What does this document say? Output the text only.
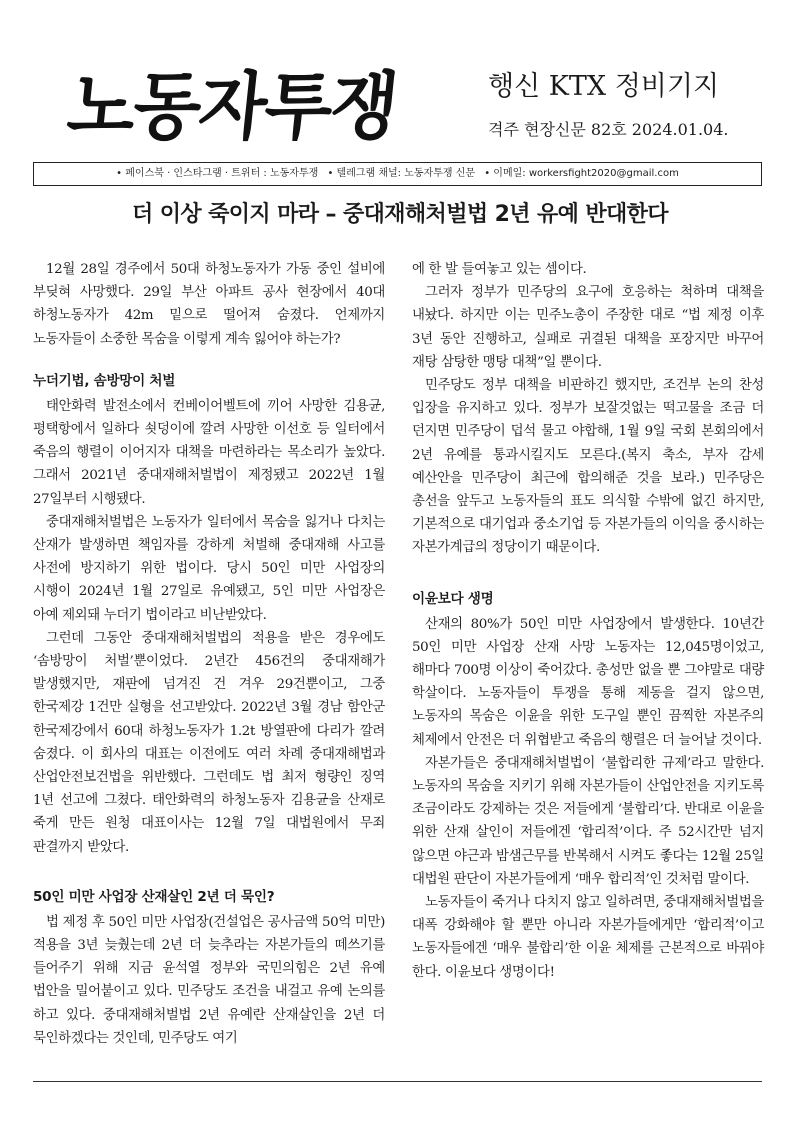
노동자투쟁	행신 KTX 정비기지
격주 현장신문 82호 2024.01.04.
• 페이스북 · 인스타그램 · 트위터 : 노동자투쟁 • 텔레그램 채널: 노동자투쟁 신문 • 이메일: workersfight2020@gmail.com
더 이상 죽이지 마라 – 중대재해처벌법 2년 유예 반대한다

12월 28일 경주에서 50대 하청노동자가 가동 중인 설비에 부딪혀 사망했다. 29일 부산 아파트 공사 현장에서 40대 하청노동자가 42m 밑으로 떨어져 숨졌다. 언제까지 노동자들이 소중한 목숨을 이렇게 계속 잃어야 하는가?

누더기법, 솜방망이 처벌

태안화력 발전소에서 컨베이어벨트에 끼어 사망한 김용균, 평택항에서 일하다 쇳덩이에 깔려 사망한 이선호 등 일터에서 죽음의 행렬이 이어지자 대책을 마련하라는 목소리가 높았다. 그래서 2021년 중대재해처벌법이 제정됐고 2022년 1월 27일부터 시행됐다.

중대재해처벌법은 노동자가 일터에서 목숨을 잃거나 다치는 산재가 발생하면 책임자를 강하게 처벌해 중대재해 사고를 사전에 방지하기 위한 법이다. 당시 50인 미만 사업장의 시행이 2024년 1월 27일로 유예됐고, 5인 미만 사업장은 아예 제외돼 누더기 법이라고 비난받았다.

그런데 그동안 중대재해처벌법의 적용을 받은 경우에도 ‘솜방망이 처벌’뿐이었다. 2년간 456건의 중대재해가 발생했지만, 재판에 넘겨진 건 겨우 29건뿐이고, 그중 한국제강 1건만 실형을 선고받았다. 2022년 3월 경남 함안군 한국제강에서 60대 하청노동자가 1.2t 방열판에 다리가 깔려 숨졌다. 이 회사의 대표는 이전에도 여러 차례 중대재해법과 산업안전보건법을 위반했다. 그런데도 법 최저 형량인 징역 1년 선고에 그쳤다. 태안화력의 하청노동자 김용균을 산재로 죽게 만든 원청 대표이사는 12월 7일 대법원에서 무죄 판결까지 받았다.

50인 미만 사업장 산재살인 2년 더 묵인?

법 제정 후 50인 미만 사업장(건설업은 공사금액 50억 미만) 적용을 3년 늦췄는데 2년 더 늦추라는 자본가들의 떼쓰기를 들어주기 위해 지금 윤석열 정부와 국민의힘은 2년 유예 법안을 밀어붙이고 있다. 민주당도 조건을 내걸고 유예 논의를 하고 있다. 중대재해처벌법 2년 유예란 산재살인을 2년 더 묵인하겠다는 것인데, 민주당도 여기

에 한 발 들여놓고 있는 셈이다.

그러자 정부가 민주당의 요구에 호응하는 척하며 대책을 내놨다. 하지만 이는 민주노총이 주장한 대로 “법 제정 이후 3년 동안 진행하고, 실패로 귀결된 대책을 포장지만 바꾸어 재탕 삼탕한 맹탕 대책”일 뿐이다.

민주당도 정부 대책을 비판하긴 했지만, 조건부 논의 찬성 입장을 유지하고 있다. 정부가 보잘것없는 떡고물을 조금 더 던지면 민주당이 덥석 물고 야합해, 1월 9일 국회 본회의에서 2년 유예를 통과시킬지도 모른다.(복지 축소, 부자 감세 예산안을 민주당이 최근에 합의해준 것을 보라.) 민주당은 총선을 앞두고 노동자들의 표도 의식할 수밖에 없긴 하지만, 기본적으로 대기업과 중소기업 등 자본가들의 이익을 중시하는 자본가계급의 정당이기 때문이다.

이윤보다 생명

산재의 80%가 50인 미만 사업장에서 발생한다. 10년간 50인 미만 사업장 산재 사망 노동자는 12,045명이었고, 해마다 700명 이상이 죽어갔다. 총성만 없을 뿐 그야말로 대량 학살이다. 노동자들이 투쟁을 통해 제동을 걸지 않으면, 노동자의 목숨은 이윤을 위한 도구일 뿐인 끔찍한 자본주의 체제에서 안전은 더 위협받고 죽음의 행렬은 더 늘어날 것이다.

자본가들은 중대재해처벌법이 ‘불합리한 규제’라고 말한다. 노동자의 목숨을 지키기 위해 자본가들이 산업안전을 지키도록 조금이라도 강제하는 것은 저들에게 ‘불합리’다. 반대로 이윤을 위한 산재 살인이 저들에겐 ‘합리적’이다. 주 52시간만 넘지 않으면 야근과 밤샘근무를 반복해서 시켜도 좋다는 12월 25일 대법원 판단이 자본가들에게 ‘매우 합리적’인 것처럼 말이다.

노동자들이 죽거나 다치지 않고 일하려면, 중대재해처벌법을 대폭 강화해야 할 뿐만 아니라 자본가들에게만 ‘합리적’이고 노동자들에겐 ‘매우 불합리’한 이윤 체제를 근본적으로 바꿔야 한다. 이윤보다 생명이다!
